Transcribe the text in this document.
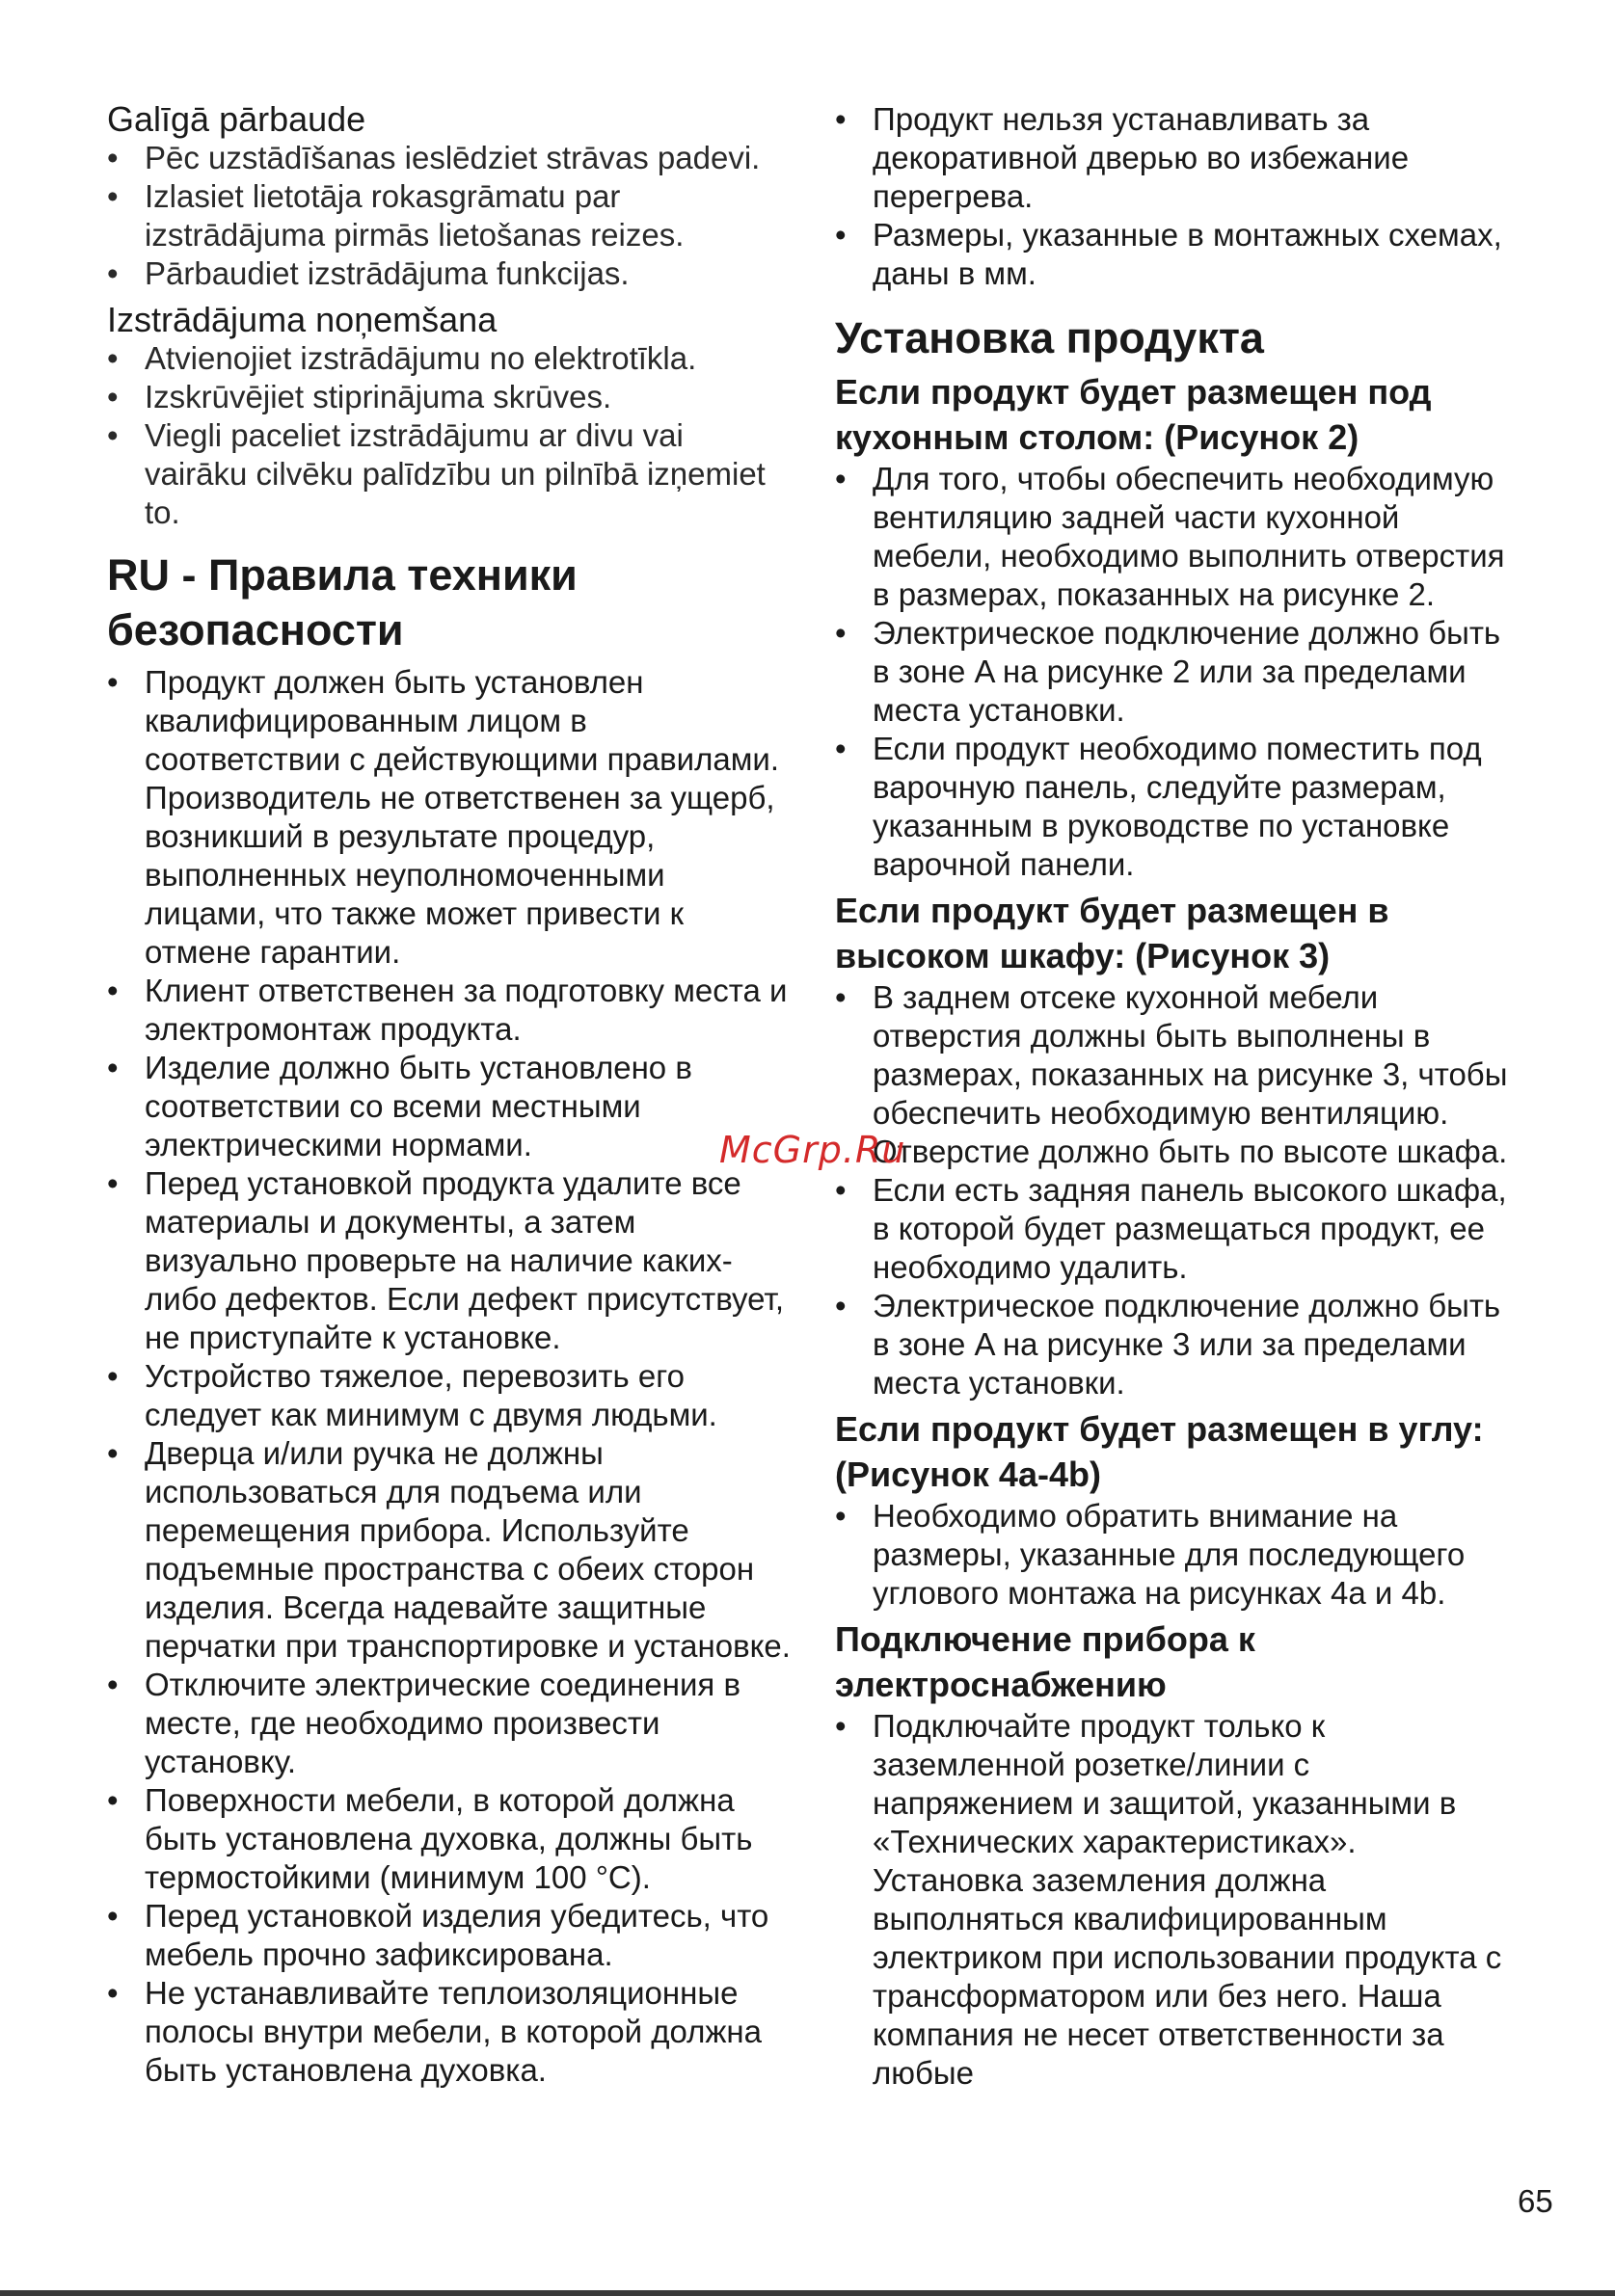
Galīgā pārbaude
• Pēc uzstādīšanas ieslēdziet strāvas padevi.
• Izlasiet lietotāja rokasgrāmatu par izstrādājuma pirmās lietošanas reizes.
• Pārbaudiet izstrādājuma funkcijas.
Izstrādājuma noņemšana
• Atvienojiet izstrādājumu no elektrotīkla.
• Izskrūvējiet stiprinājuma skrūves.
• Viegli paceliet izstrādājumu ar divu vai vairāku cilvēku palīdzību un pilnībā izņemiet to.
RU - Правила техники безопасности
• Продукт должен быть установлен квалифицированным лицом в соответствии с действующими правилами. Производитель не ответственен за ущерб, возникший в результате процедур, выполненных неуполномоченными лицами, что также может привести к отмене гарантии.
• Клиент ответственен за подготовку места и электромонтаж продукта.
• Изделие должно быть установлено в соответствии со всеми местными электрическими нормами.
• Перед установкой продукта удалите все материалы и документы, а затем визуально проверьте на наличие каких-либо дефектов. Если дефект присутствует, не приступайте к установке.
• Устройство тяжелое, перевозить его следует как минимум с двумя людьми.
• Дверца и/или ручка не должны использоваться для подъема или перемещения прибора. Используйте подъемные пространства с обеих сторон изделия. Всегда надевайте защитные перчатки при транспортировке и установке.
• Отключите электрические соединения в месте, где необходимо произвести установку.
• Поверхности мебели, в которой должна быть установлена духовка, должны быть термостойкими (минимум 100 °C).
• Перед установкой изделия убедитесь, что мебель прочно зафиксирована.
• Не устанавливайте теплоизоляционные полосы внутри мебели, в которой должна быть установлена духовка.
• Продукт нельзя устанавливать за декоративной дверью во избежание перегрева.
• Размеры, указанные в монтажных схемах, даны в мм.
Установка продукта
Если продукт будет размещен под кухонным столом: (Рисунок 2)
• Для того, чтобы обеспечить необходимую вентиляцию задней части кухонной мебели, необходимо выполнить отверстия в размерах, показанных на рисунке 2.
• Электрическое подключение должно быть в зоне A на рисунке 2 или за пределами места установки.
• Если продукт необходимо поместить под варочную панель, следуйте размерам, указанным в руководстве по установке варочной панели.
Если продукт будет размещен в высоком шкафу: (Рисунок 3)
• В заднем отсеке кухонной мебели отверстия должны быть выполнены в размерах, показанных на рисунке 3, чтобы обеспечить необходимую вентиляцию. Отверстие должно быть по высоте шкафа.
• Если есть задняя панель высокого шкафа, в которой будет размещаться продукт, ее необходимо удалить.
• Электрическое подключение должно быть в зоне A на рисунке 3 или за пределами места установки.
Если продукт будет размещен в углу: (Рисунок 4a-4b)
• Необходимо обратить внимание на размеры, указанные для последующего углового монтажа на рисунках 4a и 4b.
Подключение прибора к электроснабжению
• Подключайте продукт только к заземленной розетке/линии с напряжением и защитой, указанными в «Технических характеристиках». Установка заземления должна выполняться квалифицированным электриком при использовании продукта с трансформатором или без него. Наша компания не несет ответственности за любые
McGrp.Ru
65
